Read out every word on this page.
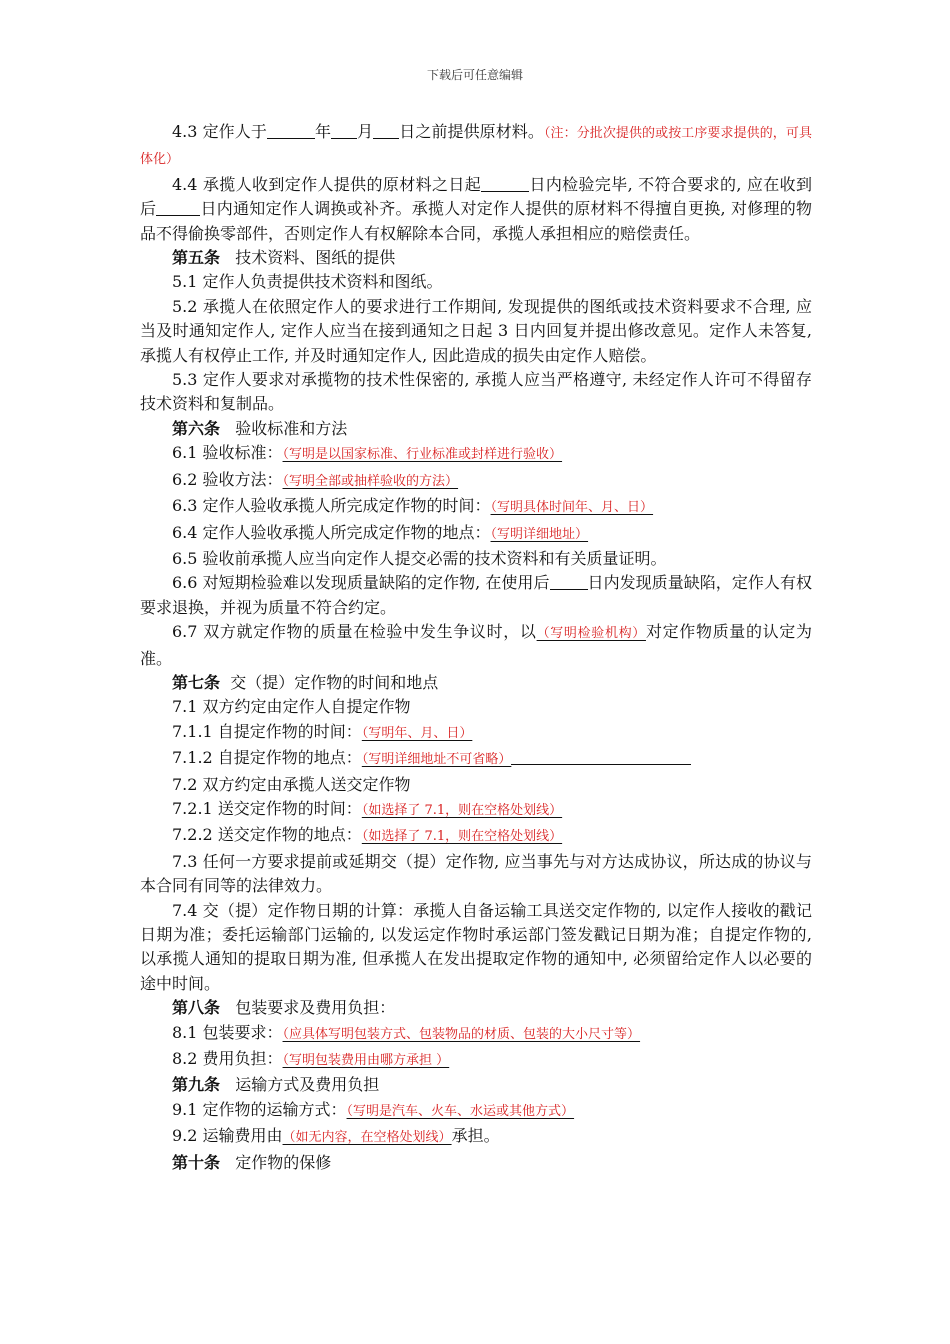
下载后可任意编辑

4.3 定作人于	年 月 日之前提供原材料。（注：分批次提供的或按工序要求提供的，可具体化）

4.4 承揽人收到定作人提供的原材料之日起	日内检验完毕, 不符合要求的, 应在收到后	日内通知定作人调换或补齐。承揽人对定作人提供的原材料不得擅自更换, 对修理的物品不得偷换零部件，否则定作人有权解除本合同，承揽人承担相应的赔偿责任。

第五条 技术资料、图纸的提供

5.1 定作人负责提供技术资料和图纸。

5.2 承揽人在依照定作人的要求进行工作期间, 发现提供的图纸或技术资料要求不合理, 应当及时通知定作人, 定作人应当在接到通知之日起 3 日内回复并提出修改意见。定作人未答复, 承揽人有权停止工作, 并及时通知定作人, 因此造成的损失由定作人赔偿。

5.3 定作人要求对承揽物的技术性保密的, 承揽人应当严格遵守, 未经定作人许可不得留存技术资料和复制品。

第六条 验收标准和方法

6.1 验收标准：（写明是以国家标准、行业标准或封样进行验收）

6.2 验收方法：（写明全部或抽样验收的方法）

6.3 定作人验收承揽人所完成定作物的时间：（写明具体时间年、月、日）

6.4 定作人验收承揽人所完成定作物的地点：（写明详细地址）

6.5 验收前承揽人应当向定作人提交必需的技术资料和有关质量证明。

6.6 对短期检验难以发现质量缺陷的定作物, 在使用后 日内发现质量缺陷，定作人有权要求退换，并视为质量不符合约定。

6.7 双方就定作物的质量在检验中发生争议时，以（写明检验机构）对定作物质量的认定为准。

第七条 交（提）定作物的时间和地点

7.1 双方约定由定作人自提定作物

7.1.1 自提定作物的时间：（写明年、月、日）

7.1.2 自提定作物的地点：（写明详细地址不可省略）

7.2 双方约定由承揽人送交定作物

7.2.1 送交定作物的时间：（如选择了 7.1，则在空格处划线）

7.2.2 送交定作物的地点：（如选择了 7.1，则在空格处划线）

7.3 任何一方要求提前或延期交（提）定作物, 应当事先与对方达成协议，所达成的协议与本合同有同等的法律效力。

7.4 交（提）定作物日期的计算：承揽人自备运输工具送交定作物的, 以定作人接收的戳记日期为准；委托运输部门运输的, 以发运定作物时承运部门签发戳记日期为准；自提定作物的, 以承揽人通知的提取日期为准, 但承揽人在发出提取定作物的通知中, 必须留给定作人以必要的途中时间。

第八条 包装要求及费用负担：

8.1 包装要求：（应具体写明包装方式、包装物品的材质、包装的大小尺寸等）

8.2 费用负担：（写明包装费用由哪方承担 ）

第九条 运输方式及费用负担

9.1 定作物的运输方式：（写明是汽车、火车、水运或其他方式）

9.2 运输费用由（如无内容，在空格处划线）承担。

第十条 定作物的保修
